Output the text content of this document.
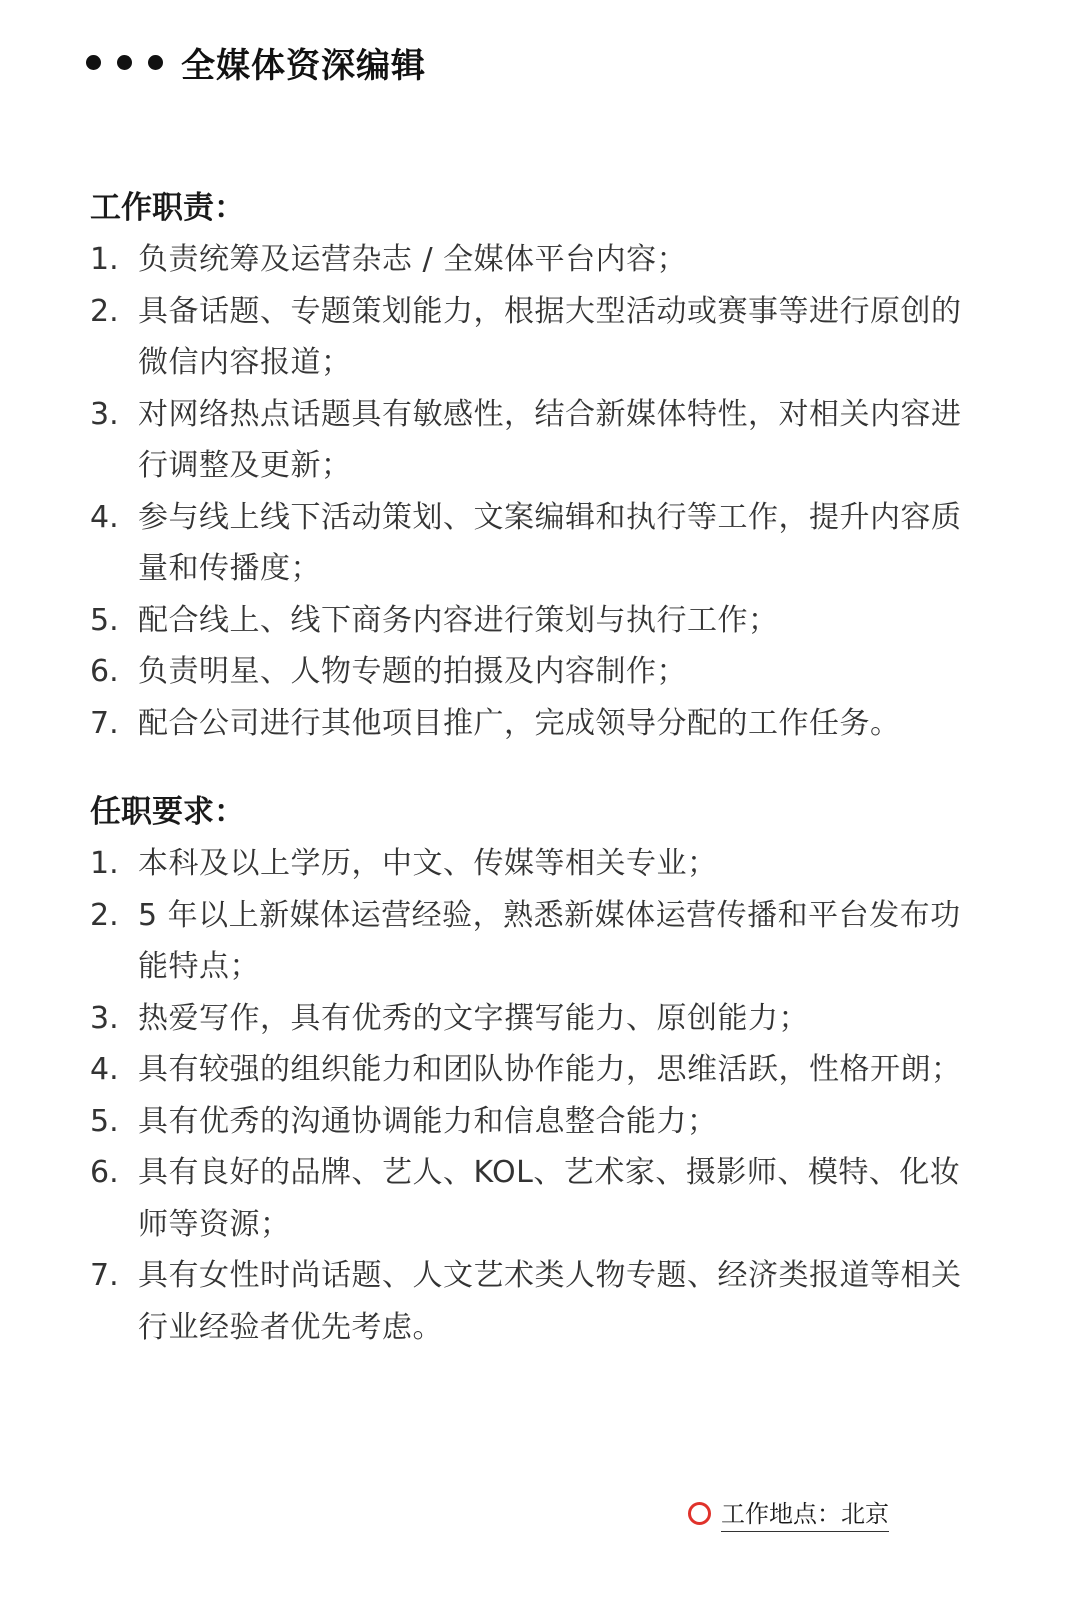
全媒体资深编辑
工作职责：
1. 负责统筹及运营杂志 / 全媒体平台内容；
2. 具备话题、专题策划能力，根据大型活动或赛事等进行原创的微信内容报道；
3. 对网络热点话题具有敏感性，结合新媒体特性，对相关内容进行调整及更新；
4. 参与线上线下活动策划、文案编辑和执行等工作，提升内容质量和传播度；
5. 配合线上、线下商务内容进行策划与执行工作；
6. 负责明星、人物专题的拍摄及内容制作；
7. 配合公司进行其他项目推广，完成领导分配的工作任务。
任职要求：
1. 本科及以上学历，中文、传媒等相关专业；
2. 5 年以上新媒体运营经验，熟悉新媒体运营传播和平台发布功能特点；
3. 热爱写作，具有优秀的文字撰写能力、原创能力；
4. 具有较强的组织能力和团队协作能力，思维活跃，性格开朗；
5. 具有优秀的沟通协调能力和信息整合能力；
6. 具有良好的品牌、艺人、KOL、艺术家、摄影师、模特、化妆师等资源；
7. 具有女性时尚话题、人文艺术类人物专题、经济类报道等相关行业经验者优先考虑。
工作地点：北京
